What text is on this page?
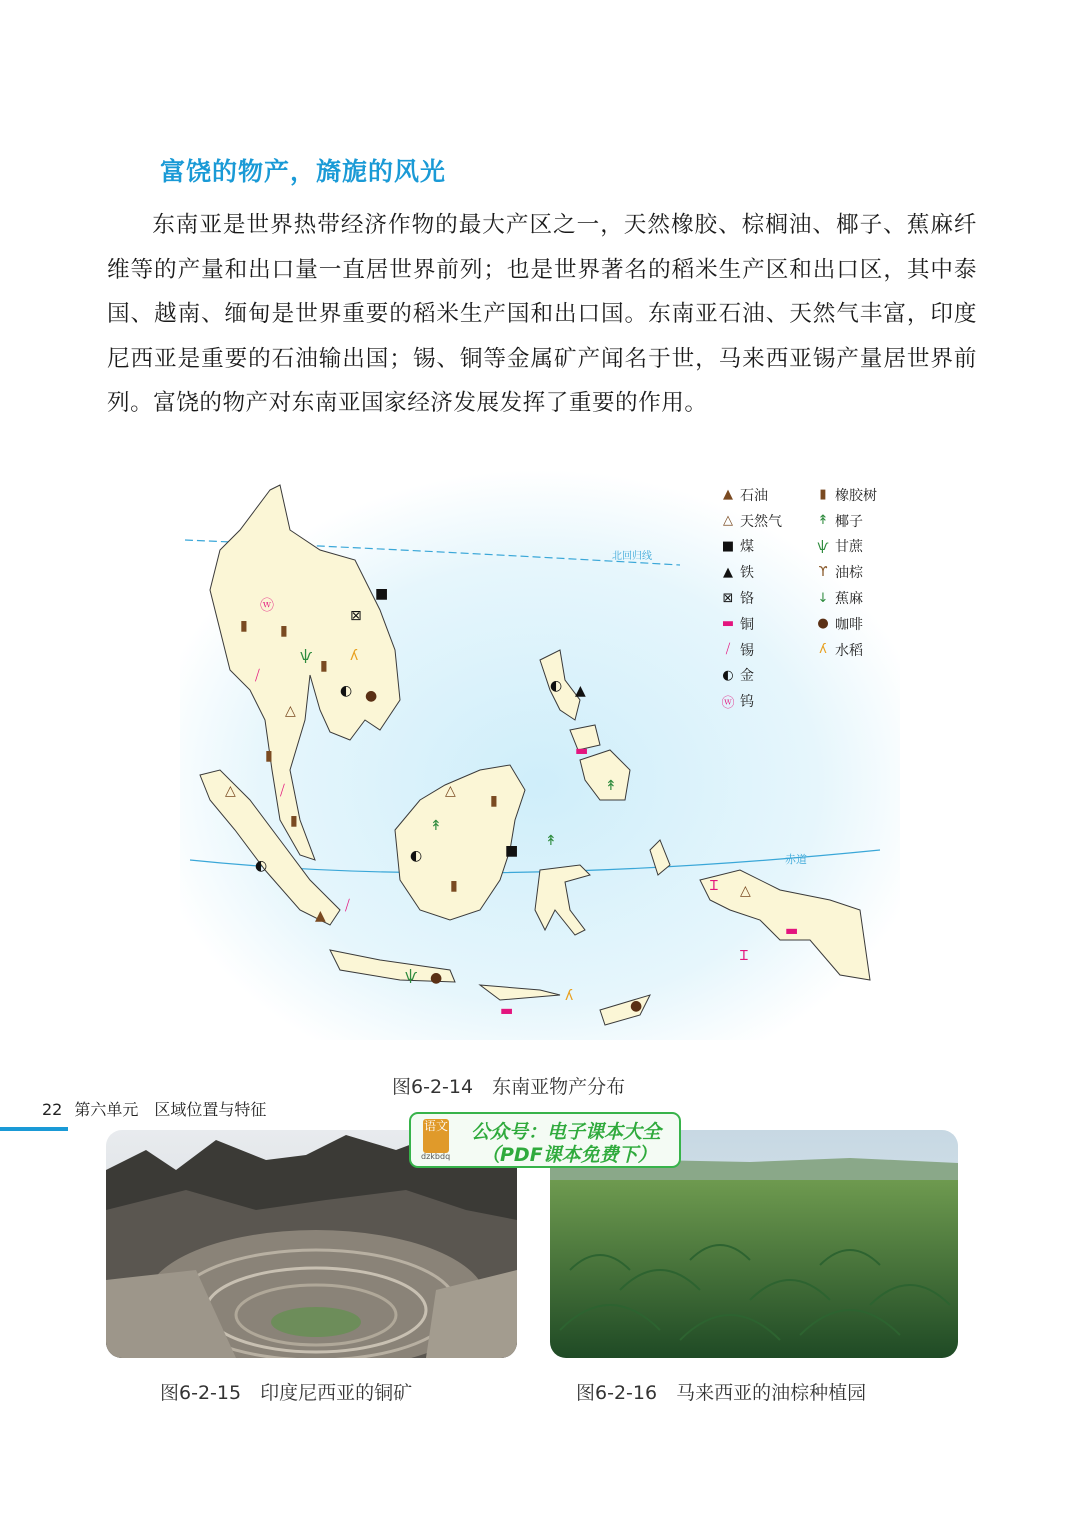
富饶的物产，旖旎的风光

东南亚是世界热带经济作物的最大产区之一，天然橡胶、棕榈油、椰子、蕉麻纤维等的产量和出口量一直居世界前列；也是世界著名的稻米生产区和出口区，其中泰国、越南、缅甸是世界重要的稻米生产国和出口国。东南亚石油、天然气丰富，印度尼西亚是重要的石油输出国；锡、铜等金属矿产闻名于世，马来西亚锡产量居世界前列。富饶的物产对东南亚国家经济发展发挥了重要的作用。

北回归线
赤道
▮
ⓦ
▮
ѱ
▮
ʎ
●
◐
■
⊠
⧸
△
▮
⧸
▮
◐
△
▲
⧸
△
▮
↟
◐	■
▮
↟
◐ ▲
▬
↟
Ɪ △
▬
Ɪ
ѱ ●
▬	●
ʎ
▲ 石油
△ 天然气
■ 煤
▲ 铁
⊠ 铬
▬ 铜
⧸ 锡
◐ 金
ⓦ 钨
▮ 橡胶树
↟ 椰子
ѱ 甘蔗
ϒ 油棕
↓ 蕉麻
● 咖啡
ʎ 水稻

图6-2-14　东南亚物产分布

图6-2-15　印度尼西亚的铜矿	图6-2-16　马来西亚的油棕种植园

22 第六单元　区域位置与特征
语文
dzkbdq
公众号：电子课本大全
（PDF课本免费下）
